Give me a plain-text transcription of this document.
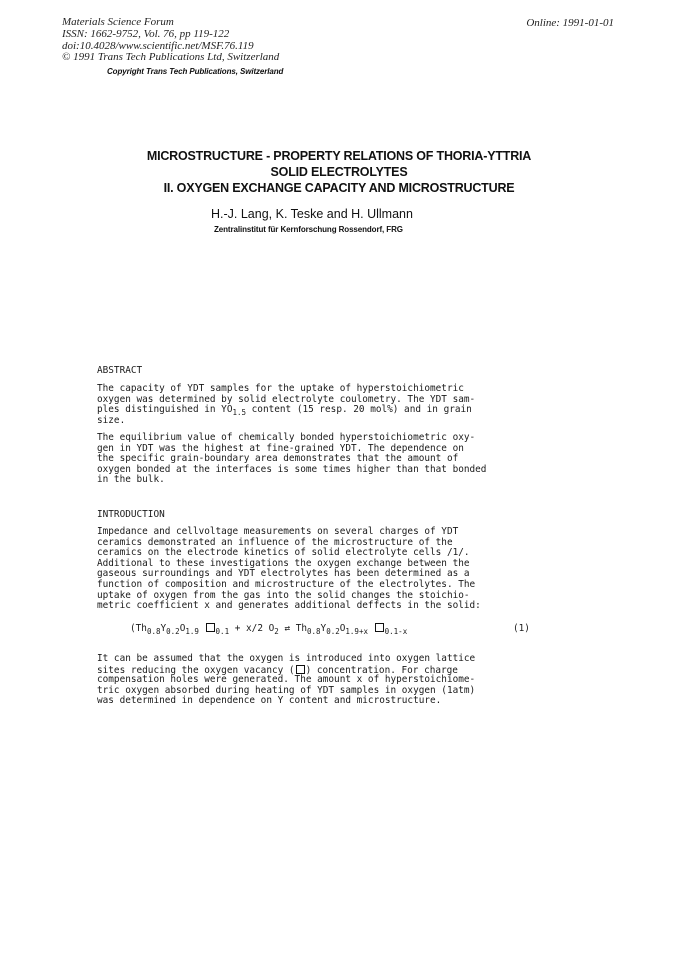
Materials Science Forum
ISSN: 1662-9752, Vol. 76, pp 119-122
doi:10.4028/www.scientific.net/MSF.76.119
© 1991 Trans Tech Publications Ltd, Switzerland
Online: 1991-01-01
Copyright Trans Tech Publications, Switzerland
MICROSTRUCTURE - PROPERTY RELATIONS OF THORIA-YTTRIA
SOLID ELECTROLYTES
II. OXYGEN EXCHANGE CAPACITY AND MICROSTRUCTURE
H.-J. Lang, K. Teske and H. Ullmann
Zentralinstitut für Kernforschung Rossendorf, FRG
ABSTRACT
The capacity of YDT samples for the uptake of hyperstoichiometric
oxygen was determined by solid electrolyte coulometry. The YDT sam-
ples distinguished in $YO_{1.5}$ content (15 resp. 20 mol%) and in grain
size.
The equilibrium value of chemically bonded hyperstoichiometric oxy-
gen in YDT was the highest at fine-grained YDT. The dependence on
the specific grain-boundary area demonstrates that the amount of
oxygen bonded at the interfaces is some times higher than that bonded
in the bulk.
INTRODUCTION
Impedance and cellvoltage measurements on several charges of YDT
ceramics demonstrated an influence of the microstructure of the
ceramics on the electrode kinetics of solid electrolyte cells /1/.
Additional to these investigations the oxygen exchange between the
gaseous surroundings and YDT electrolytes has been determined as a
function of composition and microstructure of the electrolytes. The
uptake of oxygen from the gas into the solid changes the stoichio-
metric coefficient x and generates additional deffects in the solid:
($Th_{0.8}Y_{0.2}O_{1.9}$ $_{0.1}$ + x/2 $O_2$ ⇄ $Th_{0.8}Y_{0.2}O_{1.9+x}$ $_{0.1-x}$	(1)
It can be assumed that the oxygen is introduced into oxygen lattice
sites reducing the oxygen vacancy ( ) concentration. For charge
compensation holes were generated. The amount x of hyperstoichiome-
tric oxygen absorbed during heating of YDT samples in oxygen (1atm)
was determined in dependence on Y content and microstructure.
